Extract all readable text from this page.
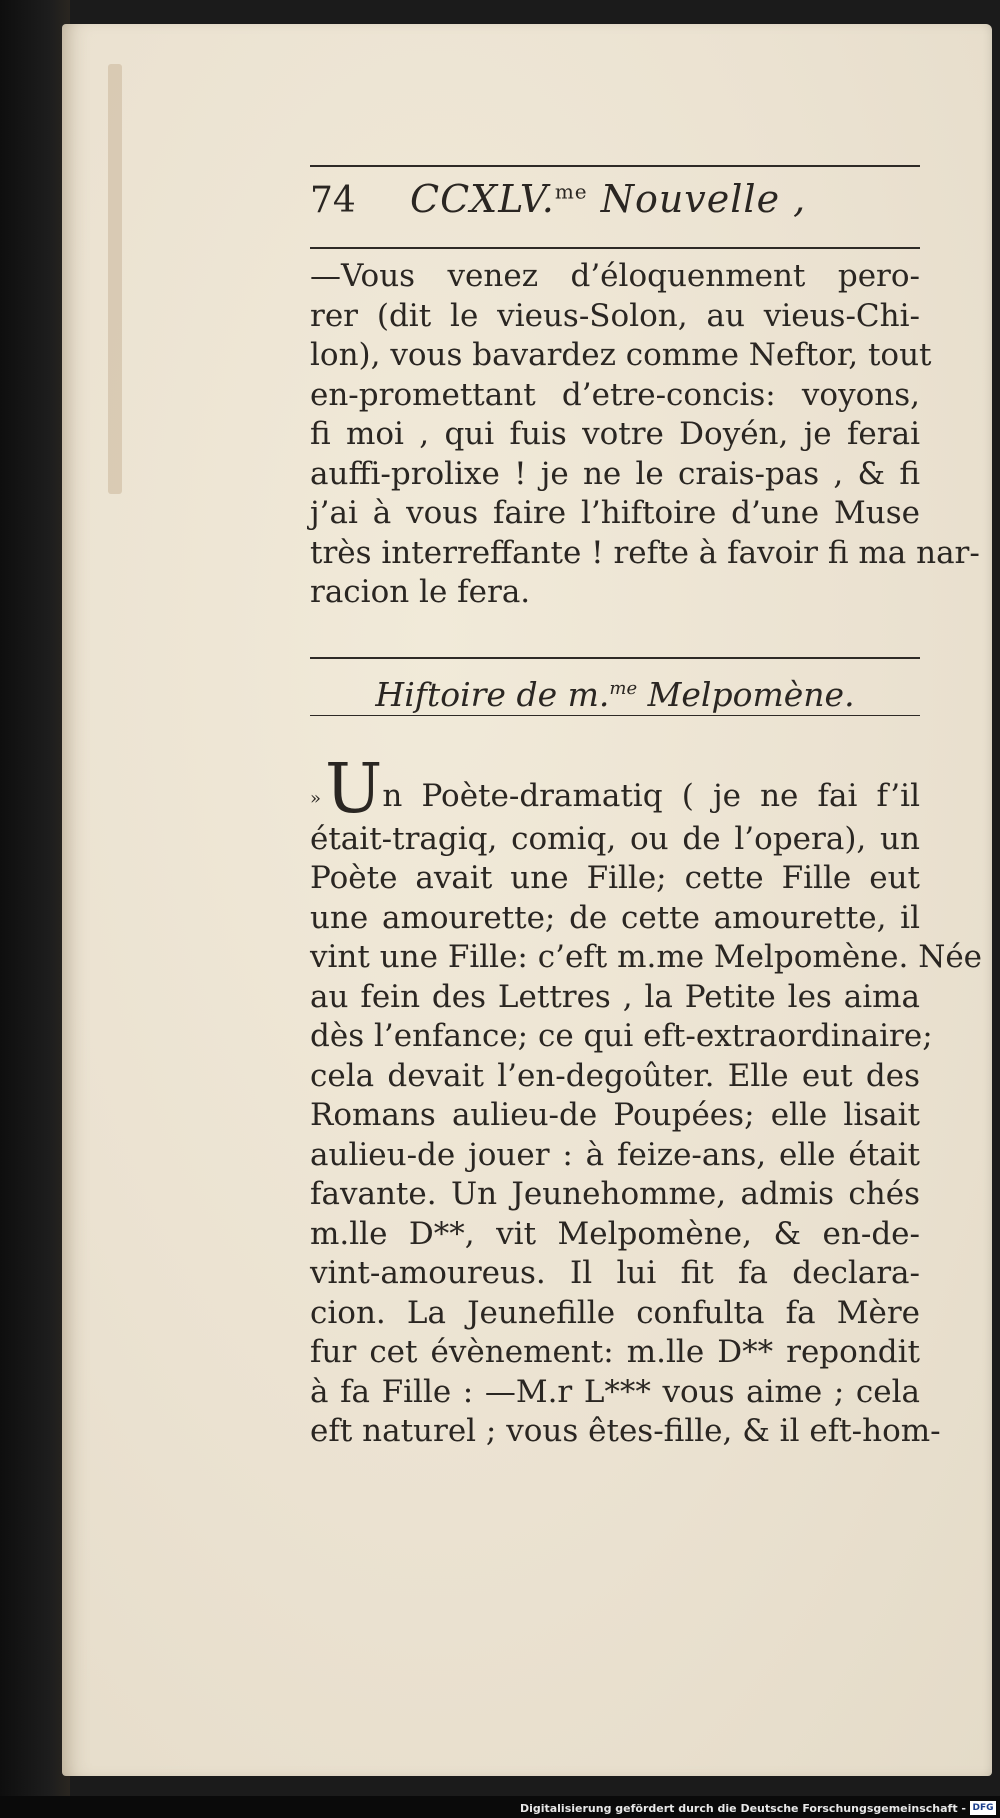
74	CCXLV.$^{me}$ Nouvelle ,
—Vous venez d’éloquenment pero-
rer (dit le vieus-Solon, au vieus-Chi-
lon), vous bavardez comme Neftor, tout
en-promettant d’etre-concis: voyons,
fi moi , qui fuis votre Doyén, je ferai
auffi-prolixe ! je ne le crais-pas , & fi
j’ai à vous faire l’hiftoire d’une Muse
très interreffante ! refte à favoir fi ma nar-
racion le fera.
Hiftoire de m.$^{me}$ Melpomène.
»Un Poète-dramatiq ( je ne fai f’il
était-tragiq, comiq, ou de l’opera), un
Poète avait une Fille; cette Fille eut
une amourette; de cette amourette, il
vint une Fille: c’eft m.me Melpomène. Née
au fein des Lettres , la Petite les aima
dès l’enfance; ce qui eft-extraordinaire;
cela devait l’en-degoûter. Elle eut des
Romans aulieu-de Poupées; elle lisait
aulieu-de jouer : à feize-ans, elle était
favante. Un Jeunehomme, admis chés
m.lle D**, vit Melpomène, & en-de-
vint-amoureus. Il lui fit fa declara-
cion. La Jeunefille confulta fa Mère
fur cet évènement: m.lle D** repondit
à fa Fille : —M.r L*** vous aime ; cela
eft naturel ; vous êtes-fille, & il eft-hom-
Digitalisierung gefördert durch die Deutsche Forschungsgemeinschaft - DFG
